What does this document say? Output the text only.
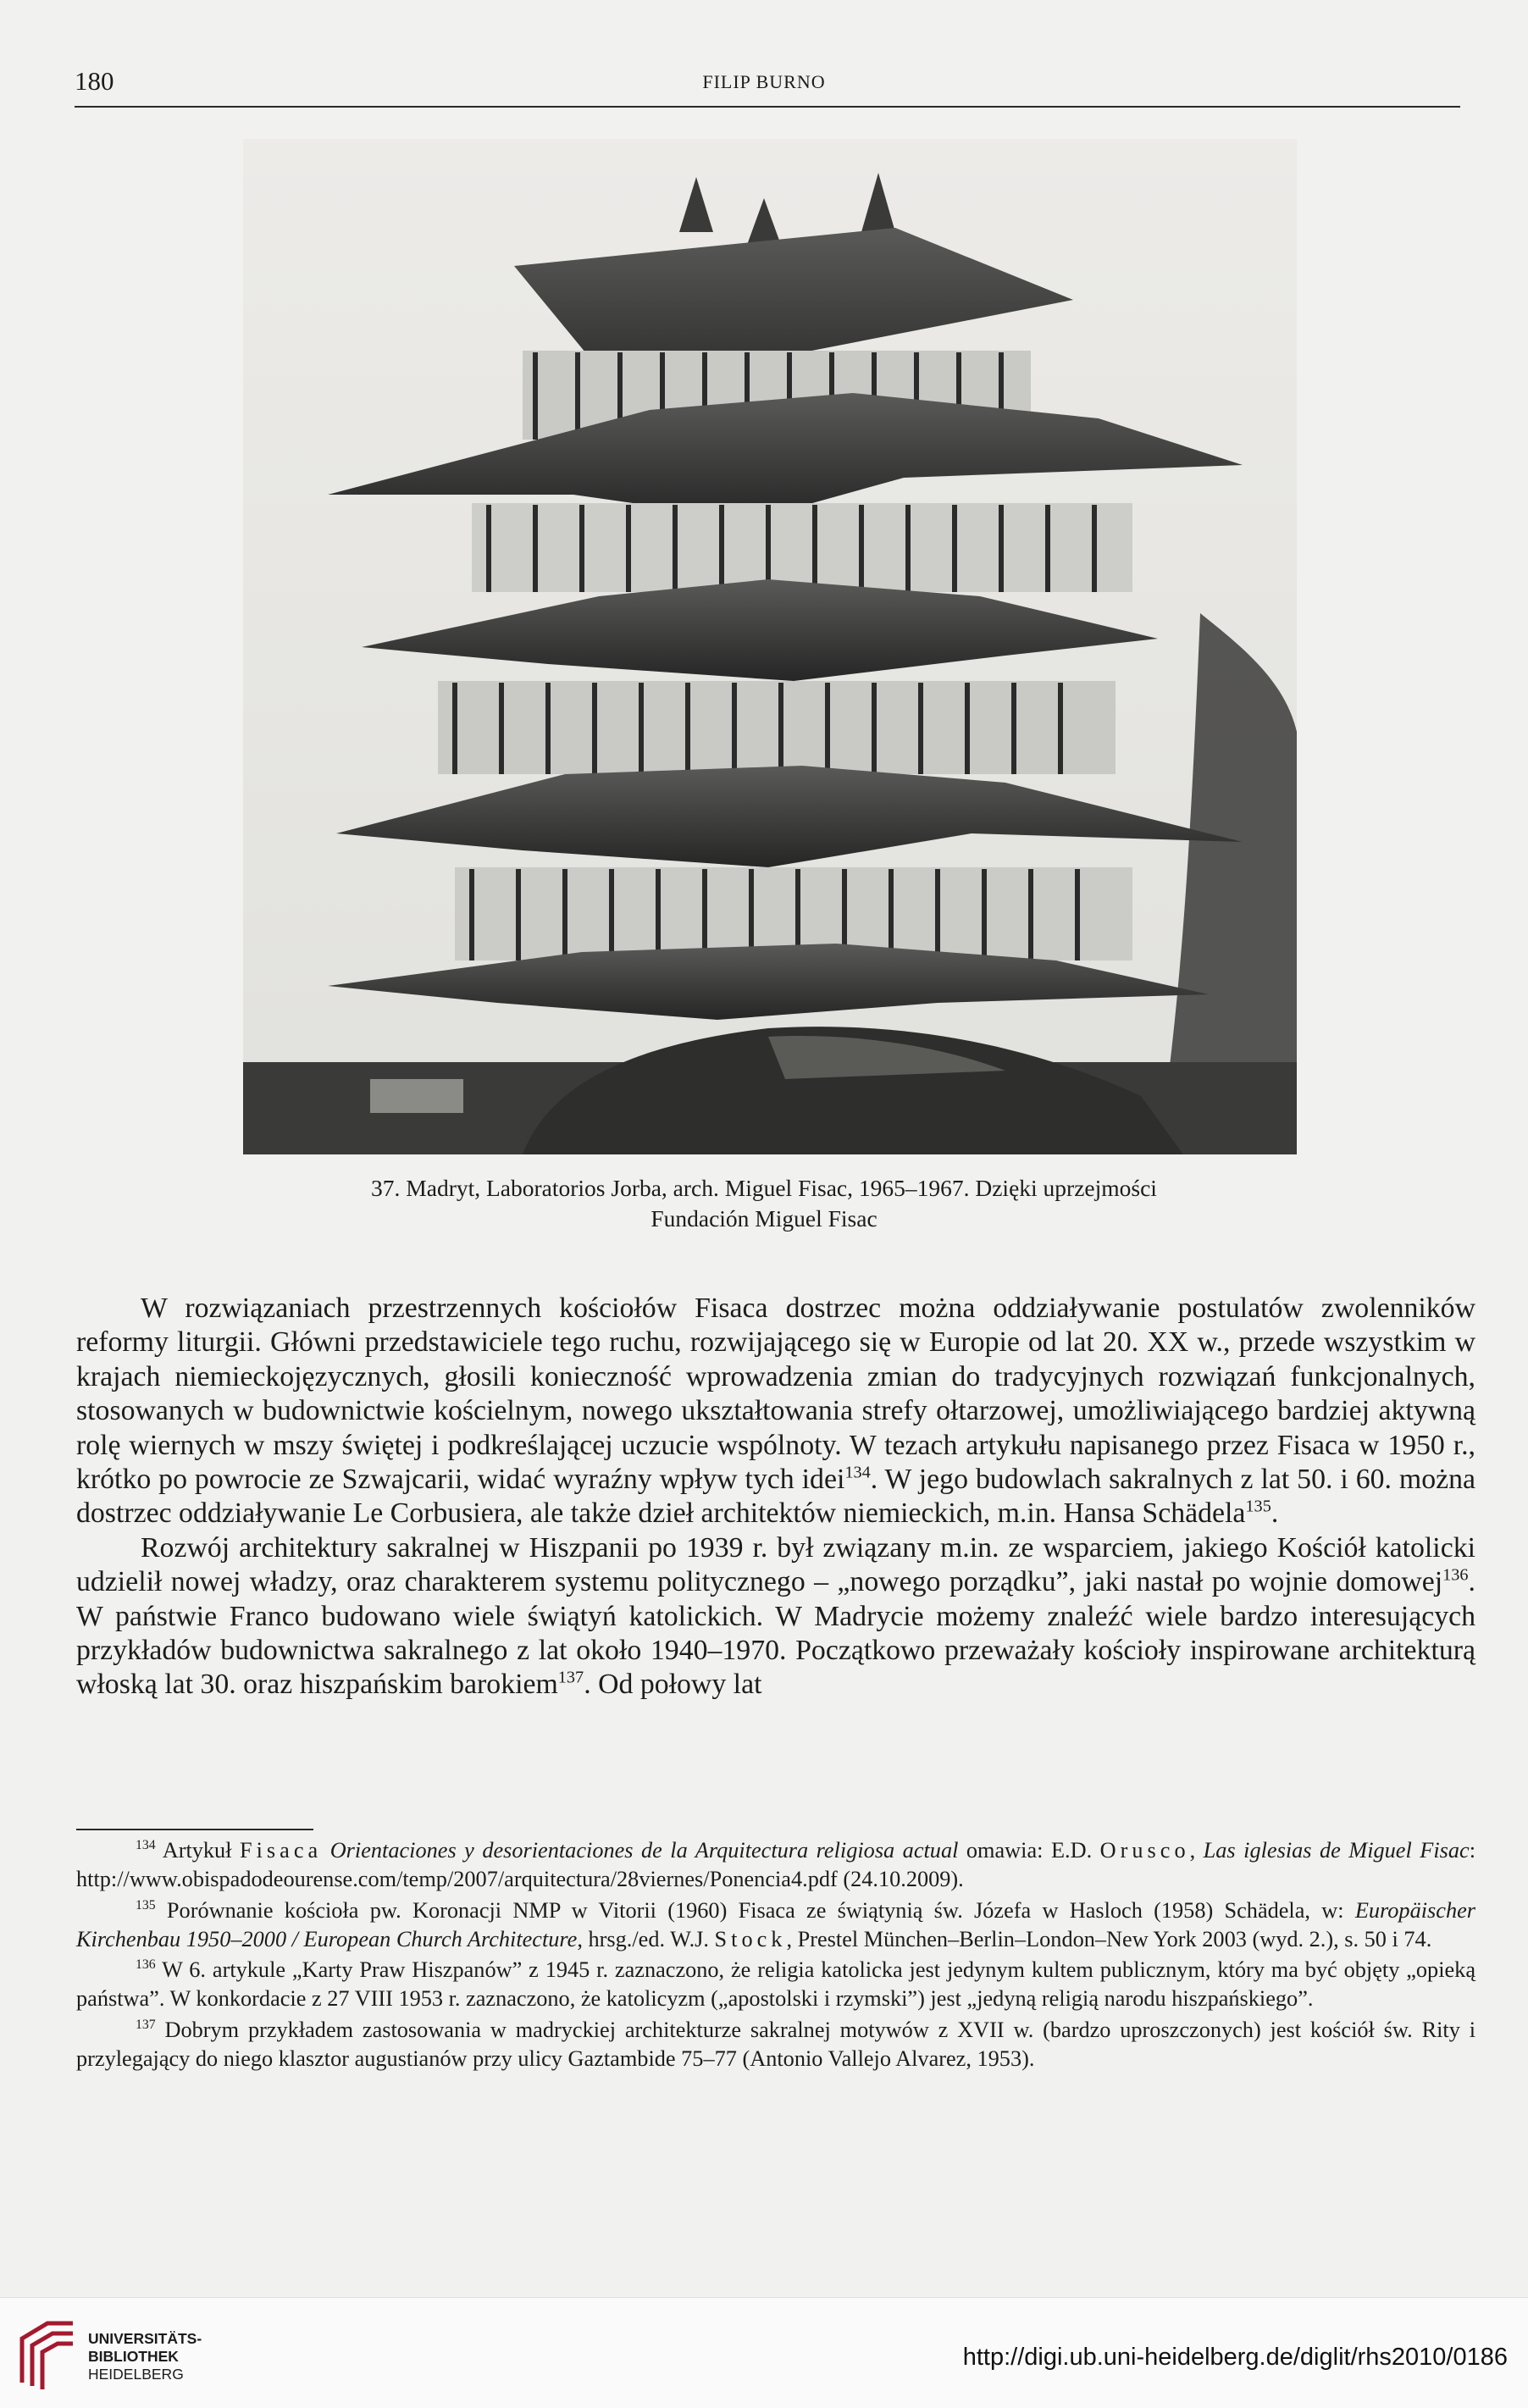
180	FILIP BURNO
37. Madryt, Laboratorios Jorba, arch. Miguel Fisac, 1965–1967. Dzięki uprzejmości
Fundación Miguel Fisac

W rozwiązaniach przestrzennych kościołów Fisaca dostrzec można oddziaływanie postulatów zwolenników reformy liturgii. Główni przedstawiciele tego ruchu, rozwijającego się w Europie od lat 20. XX w., przede wszystkim w krajach niemieckojęzycznych, głosili konieczność wprowadzenia zmian do tradycyjnych rozwiązań funkcjonalnych, stosowanych w budownictwie kościelnym, nowego ukształtowania strefy ołtarzowej, umożliwiającego bardziej aktywną rolę wiernych w mszy świętej i podkreślającej uczucie wspólnoty. W tezach artykułu napisanego przez Fisaca w 1950 r., krótko po powrocie ze Szwajcarii, widać wyraźny wpływ tych idei$^{134}$. W jego budowlach sakralnych z lat 50. i 60. można dostrzec oddziaływanie Le Corbusiera, ale także dzieł architektów niemieckich, m.in. Hansa Schädela$^{135}$.

Rozwój architektury sakralnej w Hiszpanii po 1939 r. był związany m.in. ze wsparciem, jakiego Kościół katolicki udzielił nowej władzy, oraz charakterem systemu politycznego – „nowego porządku”, jaki nastał po wojnie domowej$^{136}$. W państwie Franco budowano wiele świątyń katolickich. W Madrycie możemy znaleźć wiele bardzo interesujących przykładów budownictwa sakralnego z lat około 1940–1970. Początkowo przeważały kościoły inspirowane architekturą włoską lat 30. oraz hiszpańskim barokiem$^{137}$. Od połowy lat

$^{134}$ Artykuł Fisaca Orientaciones y desorientaciones de la Arquitectura religiosa actual omawia: E.D. Orusco, Las iglesias de Miguel Fisac: http://www.obispadodeourense.com/temp/2007/arquitectura/28viernes/Ponencia4.pdf (24.10.2009).

$^{135}$ Porównanie kościoła pw. Koronacji NMP w Vitorii (1960) Fisaca ze świątynią św. Józefa w Hasloch (1958) Schädela, w: Europäischer Kirchenbau 1950–2000 / European Church Architecture, hrsg./ed. W.J. Stock, Prestel München–Berlin–London–New York 2003 (wyd. 2.), s. 50 i 74.

$^{136}$ W 6. artykule „Karty Praw Hiszpanów” z 1945 r. zaznaczono, że religia katolicka jest jedynym kultem publicznym, który ma być objęty „opieką państwa”. W konkordacie z 27 VIII 1953 r. zaznaczono, że katolicyzm („apostolski i rzymski”) jest „jedyną religią narodu hiszpańskiego”.

$^{137}$ Dobrym przykładem zastosowania w madryckiej architekturze sakralnej motywów z XVII w. (bardzo uproszczonych) jest kościół św. Rity i przylegający do niego klasztor augustianów przy ulicy Gaztambide 75–77 (Antonio Vallejo Alvarez, 1953).

UNIVERSITÄTS-
BIBLIOTHEK
HEIDELBERG
http://digi.ub.uni-heidelberg.de/diglit/rhs2010/0186
